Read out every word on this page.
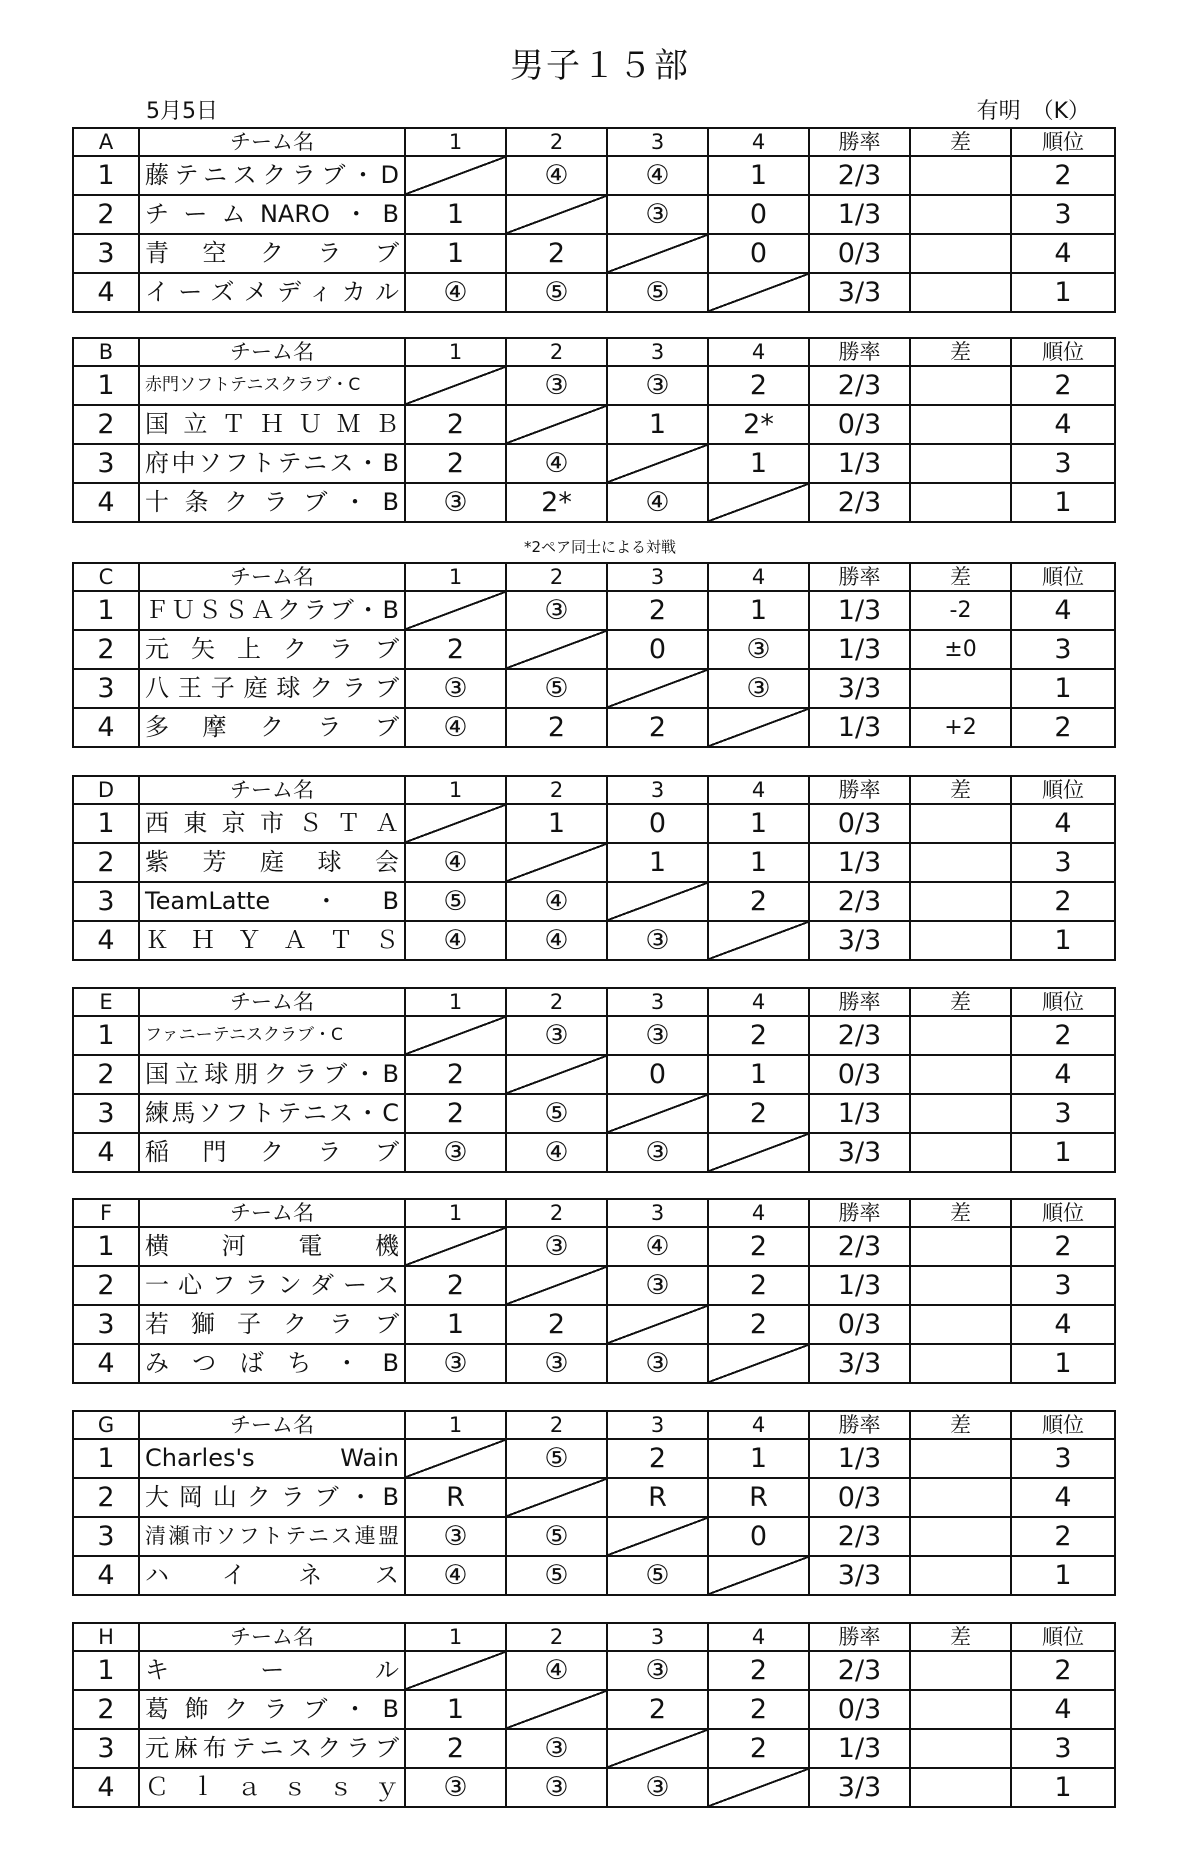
男子１５部
5月5日	有明　（K）
*2ペア同士による対戦
A	チーム名	1	2	3	4	勝率	差	順位
1	藤テニスクラブ・D		④	④	1	2/3		2
2	チームNARO・B	1		③	0	1/3		3
3	青空クラブ	1	2		0	0/3		4
4	イーズメディカル	④	⑤	⑤		3/3		1
B	チーム名	1	2	3	4	勝率	差	順位
1	赤門ソフトテニスクラブ・C		③	③	2	2/3		2
2	国立ＴＨＵＭＢ	2		1	2*	0/3		4
3	府中ソフトテニス・B	2	④		1	1/3		3
4	十条クラブ・B	③	2*	④		2/3		1
C	チーム名	1	2	3	4	勝率	差	順位
1	ＦＵＳＳＡクラブ・B		③	2	1	1/3	-2	4
2	元矢上クラブ	2		0	③	1/3	±0	3
3	八王子庭球クラブ	③	⑤		③	3/3		1
4	多摩クラブ	④	2	2		1/3	+2	2
D	チーム名	1	2	3	4	勝率	差	順位
1	西東京市ＳＴＡ		1	0	1	0/3		4
2	紫芳庭球会	④		1	1	1/3		3
3	TeamLatte・B	⑤	④		2	2/3		2
4	ＫＨＹＡＴＳ	④	④	③		3/3		1
E	チーム名	1	2	3	4	勝率	差	順位
1	ファニーテニスクラブ・C		③	③	2	2/3		2
2	国立球朋クラブ・B	2		0	1	0/3		4
3	練馬ソフトテニス・C	2	⑤		2	1/3		3
4	稲門クラブ	③	④	③		3/3		1
F	チーム名	1	2	3	4	勝率	差	順位
1	横河電機		③	④	2	2/3		2
2	一心フランダース	2		③	2	1/3		3
3	若獅子クラブ	1	2		2	0/3		4
4	みつばち・B	③	③	③		3/3		1
G	チーム名	1	2	3	4	勝率	差	順位
1	Charles's Wain		⑤	2	1	1/3		3
2	大岡山クラブ・B	R		R	R	0/3		4
3	清瀬市ソフトテニス連盟	③	⑤		0	2/3		2
4	ハイネス	④	⑤	⑤		3/3		1
H	チーム名	1	2	3	4	勝率	差	順位
1	キール		④	③	2	2/3		2
2	葛飾クラブ・B	1		2	2	0/3		4
3	元麻布テニスクラブ	2	③		2	1/3		3
4	Ｃｌａｓｓｙ	③	③	③		3/3		1
